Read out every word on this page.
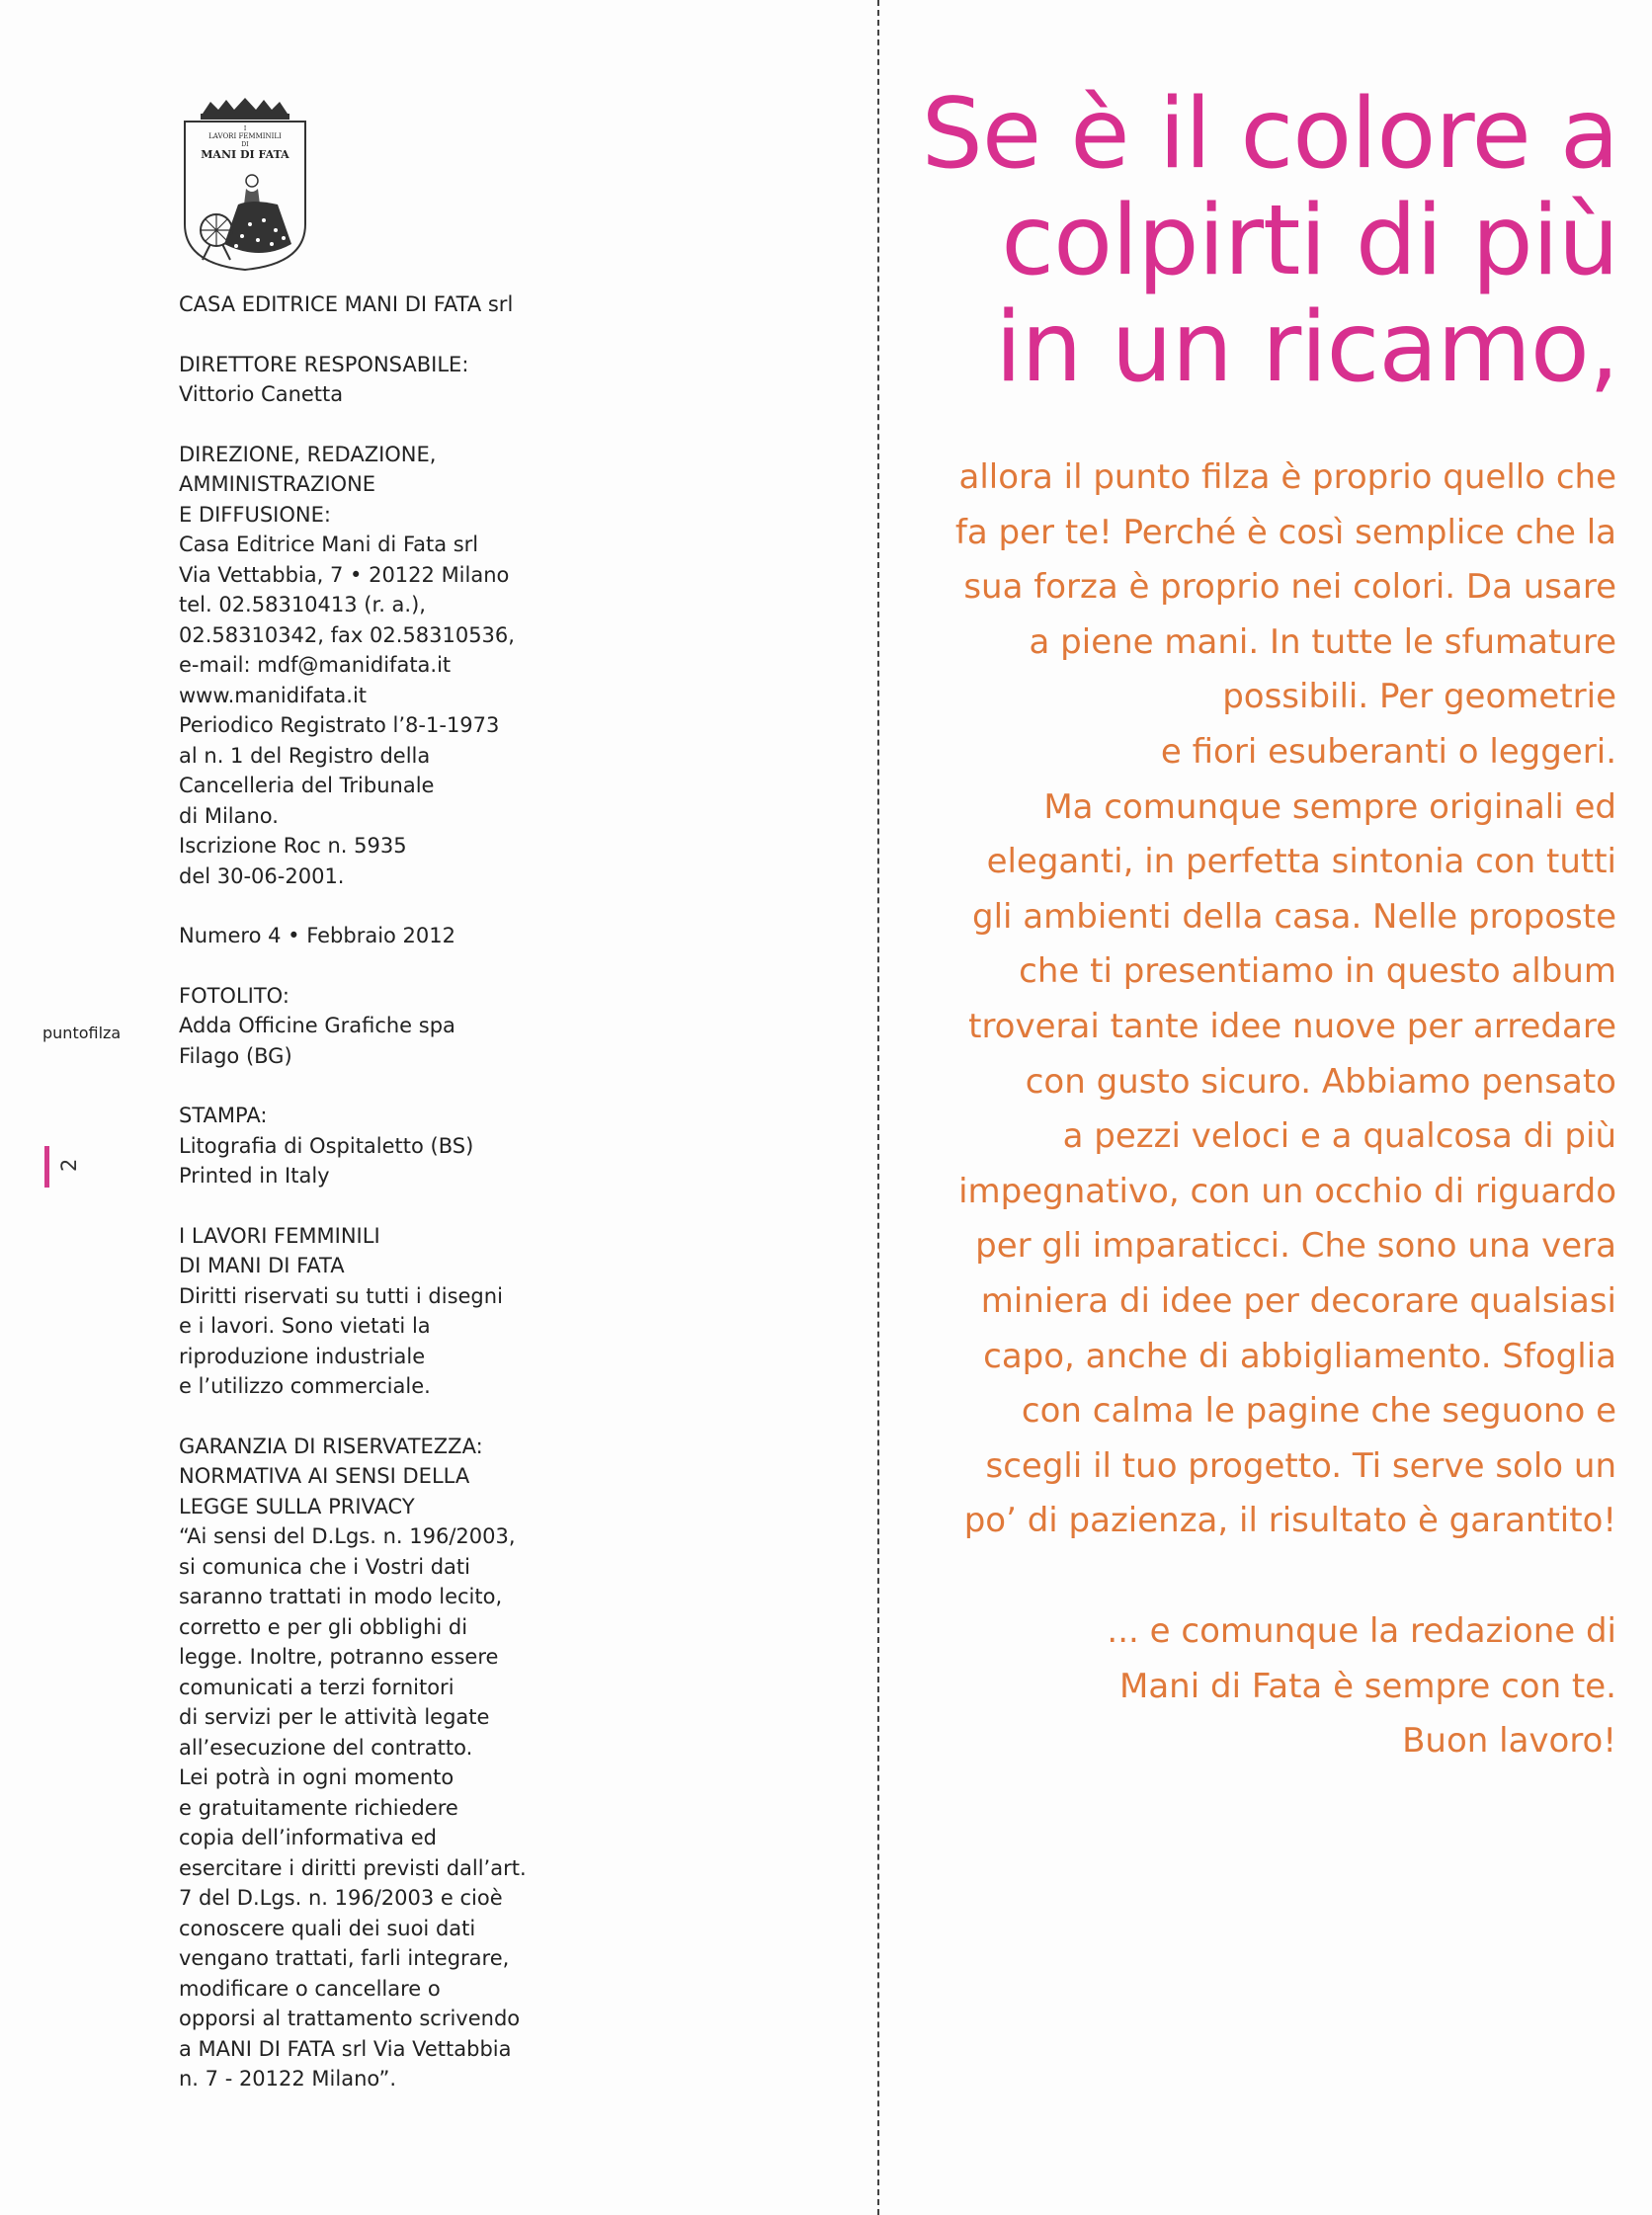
I
LAVORI FEMMINILI
DI
MANI DI FATA

CASA EDITRICE MANI DI FATA srl

DIRETTORE RESPONSABILE:
Vittorio Canetta

DIREZIONE, REDAZIONE,
AMMINISTRAZIONE
E DIFFUSIONE:
Casa Editrice Mani di Fata srl
Via Vettabbia, 7 • 20122 Milano
tel. 02.58310413 (r. a.),
02.58310342, fax 02.58310536,
e-mail: mdf@manidifata.it
www.manidifata.it
Periodico Registrato l’8-1-1973
al n. 1 del Registro della
Cancelleria del Tribunale
di Milano.
Iscrizione Roc n. 5935
del 30-06-2001.

Numero 4 • Febbraio 2012

FOTOLITO:
Adda Officine Grafiche spa
Filago (BG)

STAMPA:
Litografia di Ospitaletto (BS)
Printed in Italy

I LAVORI FEMMINILI
DI MANI DI FATA
Diritti riservati su tutti i disegni
e i lavori. Sono vietati la
riproduzione industriale
e l’utilizzo commerciale.

GARANZIA DI RISERVATEZZA:
NORMATIVA AI SENSI DELLA
LEGGE SULLA PRIVACY
“Ai sensi del D.Lgs. n. 196/2003,
si comunica che i Vostri dati
saranno trattati in modo lecito,
corretto e per gli obblighi di
legge. Inoltre, potranno essere
comunicati a terzi fornitori
di servizi per le attività legate
all’esecuzione del contratto.
Lei potrà in ogni momento
e gratuitamente richiedere
copia dell’informativa ed
esercitare i diritti previsti dall’art.
7 del D.Lgs. n. 196/2003 e cioè
conoscere quali dei suoi dati
vengano trattati, farli integrare,
modificare o cancellare o
opporsi al trattamento scrivendo
a MANI DI FATA srl Via Vettabbia
n. 7 - 20122 Milano”.

puntofilza
2
Se è il colore a
colpirti di più
in un ricamo,
allora il punto filza è proprio quello che
fa per te! Perché è così semplice che la
sua forza è proprio nei colori. Da usare
a piene mani. In tutte le sfumature
possibili. Per geometrie
e fiori esuberanti o leggeri.
Ma comunque sempre originali ed
eleganti, in perfetta sintonia con tutti
gli ambienti della casa. Nelle proposte
che ti presentiamo in questo album
troverai tante idee nuove per arredare
con gusto sicuro. Abbiamo pensato
a pezzi veloci e a qualcosa di più
impegnativo, con un occhio di riguardo
per gli imparaticci. Che sono una vera
miniera di idee per decorare qualsiasi
capo, anche di abbigliamento. Sfoglia
con calma le pagine che seguono e
scegli il tuo progetto. Ti serve solo un
po’ di pazienza, il risultato è garantito!
... e comunque la redazione di
Mani di Fata è sempre con te.
Buon lavoro!
